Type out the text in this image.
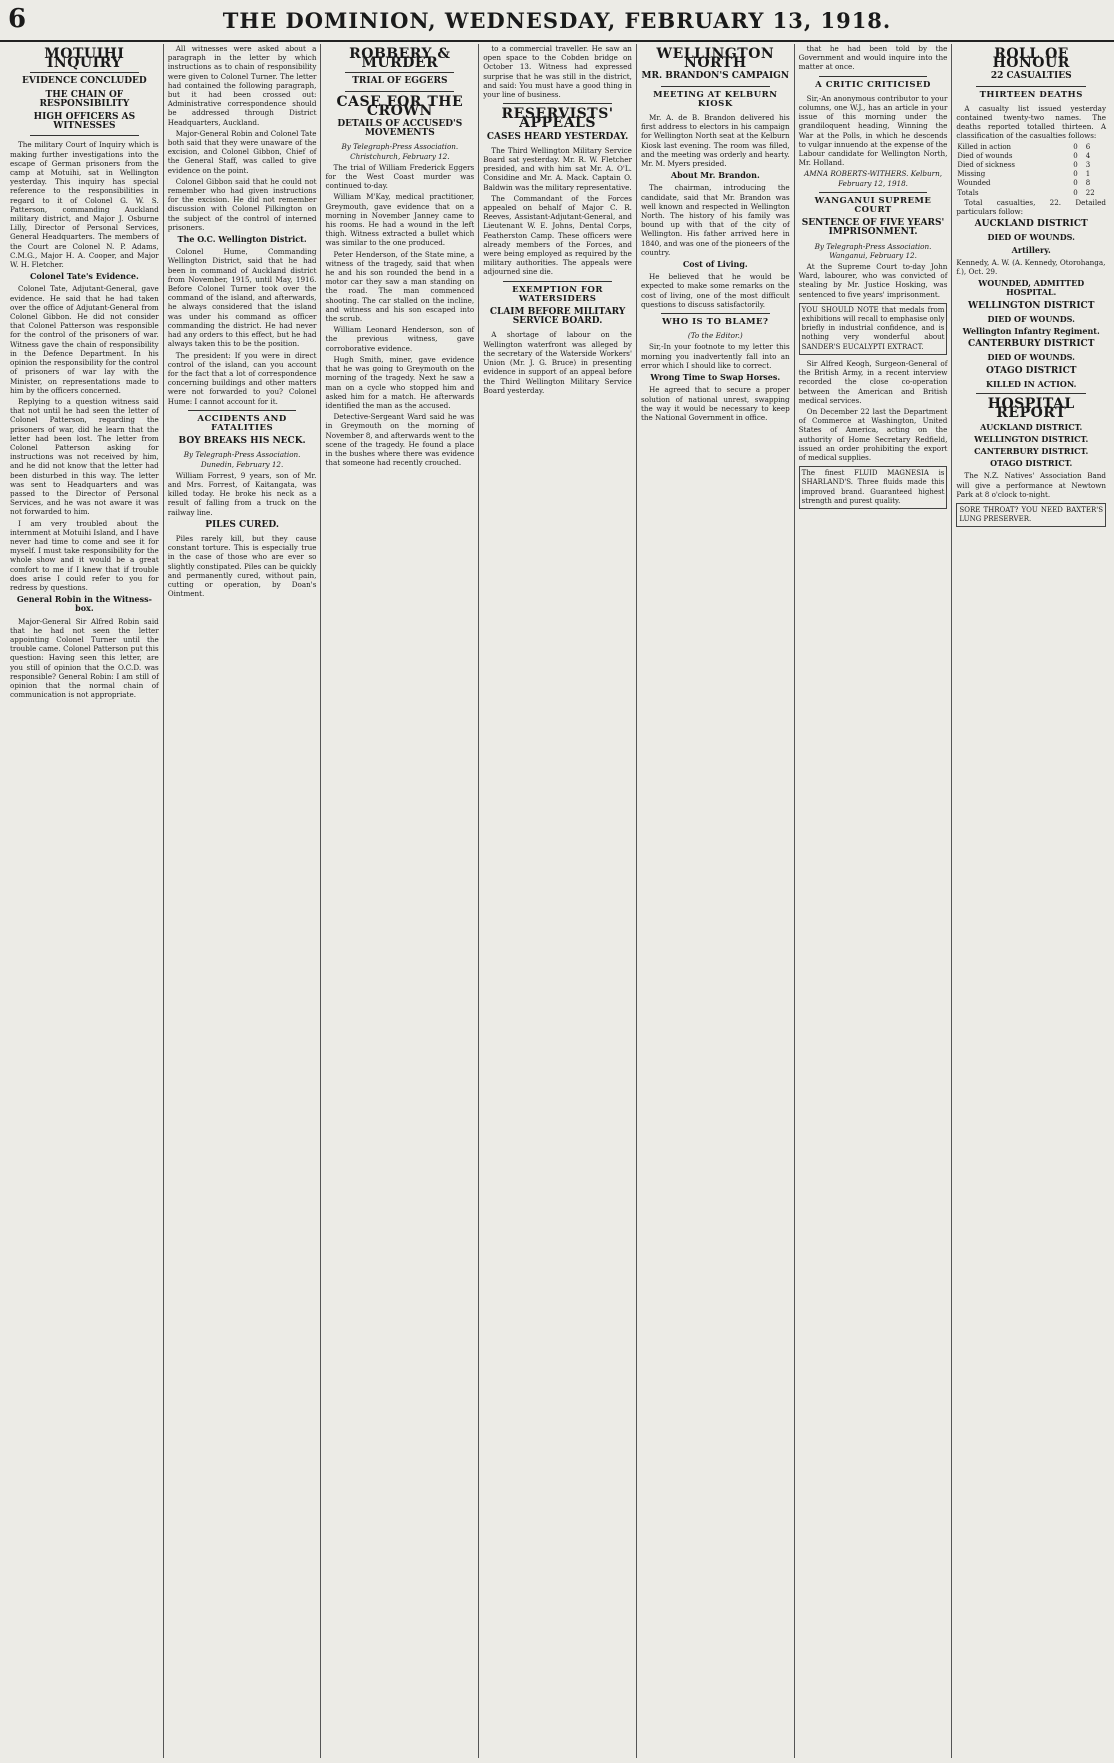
6	THE DOMINION, WEDNESDAY, FEBRUARY 13, 1918.
MOTUIHI INQUIRY
EVIDENCE CONCLUDED
THE CHAIN OF RESPONSIBILITY
HIGH OFFICERS AS WITNESSES

The military Court of Inquiry which is making further investigations into the escape of German prisoners from the camp at Motuihi, sat in Wellington yesterday. This inquiry has special reference to the responsibilities in regard to it of Colonel G. W. S. Patterson, commanding Auckland military district, and Major J. Osburne Lilly, Director of Personal Services, General Headquarters. The members of the Court are Colonel N. P. Adams, C.M.G., Major H. A. Cooper, and Major W. H. Fletcher.

Colonel Tate's Evidence.

Colonel Tate, Adjutant-General, gave evidence. He said that he had taken over the office of Adjutant-General from Colonel Gibbon. He did not consider that Colonel Patterson was responsible for the control of the prisoners of war. Witness gave the chain of responsibility in the Defence Department. In his opinion the responsibility for the control of prisoners of war lay with the Minister, on representations made to him by the officers concerned.

Replying to a question witness said that not until he had seen the letter of Colonel Patterson, regarding the prisoners of war, did he learn that the letter had been lost. The letter from Colonel Patterson asking for instructions was not received by him, and he did not know that the letter had been disturbed in this way. The letter was sent to Headquarters and was passed to the Director of Personal Services, and he was not aware it was not forwarded to him.

I am very troubled about the internment at Motuihi Island, and I have never had time to come and see it for myself. I must take responsibility for the whole show and it would be a great comfort to me if I knew that if trouble does arise I could refer to you for redress by questions.

General Robin in the Witness-box.

Major-General Sir Alfred Robin said that he had not seen the letter appointing Colonel Turner until the trouble came. Colonel Patterson put this question: Having seen this letter, are you still of opinion that the O.C.D. was responsible? General Robin: I am still of opinion that the normal chain of communication is not appropriate.

All witnesses were asked about a paragraph in the letter by which instructions as to chain of responsibility were given to Colonel Turner. The letter had contained the following paragraph, but it had been crossed out: Administrative correspondence should be addressed through District Headquarters, Auckland.

Major-General Robin and Colonel Tate both said that they were unaware of the excision, and Colonel Gibbon, Chief of the General Staff, was called to give evidence on the point.

Colonel Gibbon said that he could not remember who had given instructions for the excision. He did not remember discussion with Colonel Pilkington on the subject of the control of interned prisoners.

The O.C. Wellington District.

Colonel Hume, Commanding Wellington District, said that he had been in command of Auckland district from November, 1915, until May, 1916. Before Colonel Turner took over the command of the island, and afterwards, he always considered that the island was under his command as officer commanding the district. He had never had any orders to this effect, but he had always taken this to be the position.

The president: If you were in direct control of the island, can you account for the fact that a lot of correspondence concerning buildings and other matters were not forwarded to you? Colonel Hume: I cannot account for it.

ACCIDENTS AND FATALITIES
BOY BREAKS HIS NECK.
By Telegraph-Press Association. Dunedin, February 12.

William Forrest, 9 years, son of Mr. and Mrs. Forrest, of Kaitangata, was killed today. He broke his neck as a result of falling from a truck on the railway line.

PILES CURED.

Piles rarely kill, but they cause constant torture. This is especially true in the case of those who are ever so slightly constipated. Piles can be quickly and permanently cured, without pain, cutting or operation, by Doan's Ointment.

ROBBERY & MURDER
TRIAL OF EGGERS
CASE FOR THE CROWN
DETAILS OF ACCUSED'S MOVEMENTS
By Telegraph-Press Association. Christchurch, February 12.

The trial of William Frederick Eggers for the West Coast murder was continued to-day.

William M'Kay, medical practitioner, Greymouth, gave evidence that on a morning in November Janney came to his rooms. He had a wound in the left thigh. Witness extracted a bullet which was similar to the one produced.

Peter Henderson, of the State mine, a witness of the tragedy, said that when he and his son rounded the bend in a motor car they saw a man standing on the road. The man commenced shooting. The car stalled on the incline, and witness and his son escaped into the scrub.

William Leonard Henderson, son of the previous witness, gave corroborative evidence.

Hugh Smith, miner, gave evidence that he was going to Greymouth on the morning of the tragedy. Next he saw a man on a cycle who stopped him and asked him for a match. He afterwards identified the man as the accused.

Detective-Sergeant Ward said he was in Greymouth on the morning of November 8, and afterwards went to the scene of the tragedy. He found a place in the bushes where there was evidence that someone had recently crouched.

to a commercial traveller. He saw an open space to the Cobden bridge on October 13. Witness had expressed surprise that he was still in the district, and said: You must have a good thing in your line of business.

RESERVISTS' APPEALS
CASES HEARD YESTERDAY.

The Third Wellington Military Service Board sat yesterday. Mr. R. W. Fletcher presided, and with him sat Mr. A. O'L. Considine and Mr. A. Mack. Captain O. Baldwin was the military representative.

The Commandant of the Forces appealed on behalf of Major C. R. Reeves, Assistant-Adjutant-General, and Lieutenant W. E. Johns, Dental Corps, Featherston Camp. These officers were already members of the Forces, and were being employed as required by the military authorities. The appeals were adjourned sine die.

EXEMPTION FOR WATERSIDERS
CLAIM BEFORE MILITARY SERVICE BOARD.

A shortage of labour on the Wellington waterfront was alleged by the secretary of the Waterside Workers' Union (Mr. J. G. Bruce) in presenting evidence in support of an appeal before the Third Wellington Military Service Board yesterday.

WELLINGTON NORTH
MR. BRANDON'S CAMPAIGN
MEETING AT KELBURN KIOSK

Mr. A. de B. Brandon delivered his first address to electors in his campaign for Wellington North seat at the Kelburn Kiosk last evening. The room was filled, and the meeting was orderly and hearty. Mr. M. Myers presided.

About Mr. Brandon.

The chairman, introducing the candidate, said that Mr. Brandon was well known and respected in Wellington North. The history of his family was bound up with that of the city of Wellington. His father arrived here in 1840, and was one of the pioneers of the country.

Cost of Living.

He believed that he would be expected to make some remarks on the cost of living, one of the most difficult questions to discuss satisfactorily.

WHO IS TO BLAME?
(To the Editor.)

Sir,-In your footnote to my letter this morning you inadvertently fall into an error which I should like to correct.

Wrong Time to Swap Horses.

He agreed that to secure a proper solution of national unrest, swapping the way it would be necessary to keep the National Government in office.

that he had been told by the Government and would inquire into the matter at once.

A CRITIC CRITICISED

Sir,-An anonymous contributor to your columns, one W.J., has an article in your issue of this morning under the grandiloquent heading, Winning the War at the Polls, in which he descends to vulgar innuendo at the expense of the Labour candidate for Wellington North, Mr. Holland.

AMNA ROBERTS-WITHERS. Kelburn, February 12, 1918.
WANGANUI SUPREME COURT
SENTENCE OF FIVE YEARS' IMPRISONMENT.
By Telegraph-Press Association. Wanganui, February 12.

At the Supreme Court to-day John Ward, labourer, who was convicted of stealing by Mr. Justice Hosking, was sentenced to five years' imprisonment.

YOU SHOULD NOTE that medals from exhibitions will recall to emphasise only briefly in industrial confidence, and is nothing very wonderful about SANDER'S EUCALYPTI EXTRACT.

Sir Alfred Keogh, Surgeon-General of the British Army, in a recent interview recorded the close co-operation between the American and British medical services.

On December 22 last the Department of Commerce at Washington, United States of America, acting on the authority of Home Secretary Redfield, issued an order prohibiting the export of medical supplies.

The finest FLUID MAGNESIA is SHARLAND'S. Three fluids made this improved brand. Guaranteed highest strength and purest quality.
ROLL OF HONOUR
22 CASUALTIES
THIRTEEN DEATHS

A casualty list issued yesterday contained twenty-two names. The deaths reported totalled thirteen. A classification of the casualties follows:

Killed in action	0	6
Died of wounds	0	4
Died of sickness	0	3
Missing	0	1
Wounded	0	8
Totals	0	22

Total casualties, 22. Detailed particulars follow:

AUCKLAND DISTRICT
DIED OF WOUNDS.
Artillery.

Kennedy, A. W. (A. Kennedy, Otorohanga, f.), Oct. 29.

WOUNDED, ADMITTED HOSPITAL.
WELLINGTON DISTRICT
DIED OF WOUNDS.
Wellington Infantry Regiment.
CANTERBURY DISTRICT
DIED OF WOUNDS.
OTAGO DISTRICT
KILLED IN ACTION.
HOSPITAL REPORT
AUCKLAND DISTRICT.
WELLINGTON DISTRICT.
CANTERBURY DISTRICT.
OTAGO DISTRICT.

The N.Z. Natives' Association Band will give a performance at Newtown Park at 8 o'clock to-night.

SORE THROAT? YOU NEED BAXTER'S LUNG PRESERVER.
